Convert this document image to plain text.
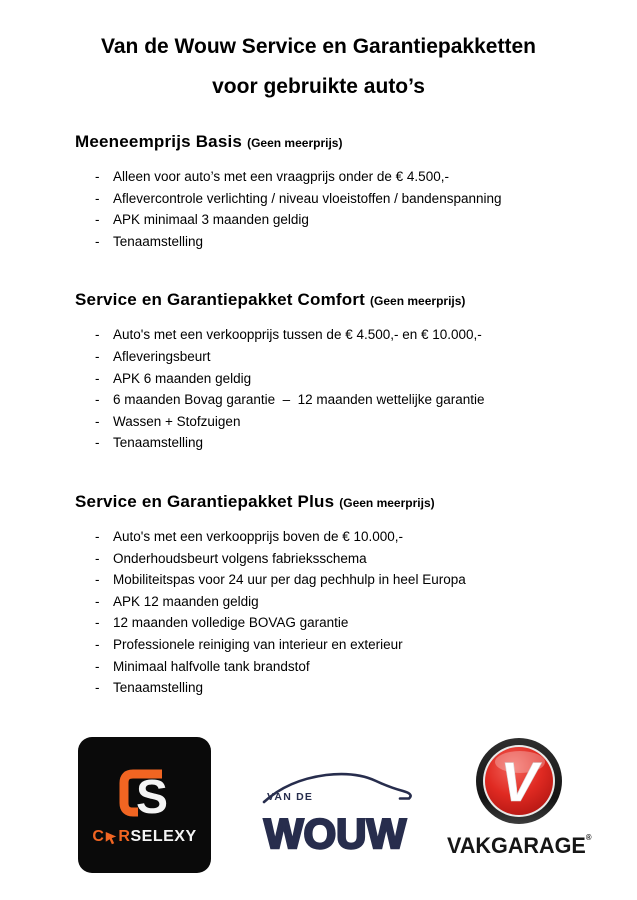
Van de Wouw Service en Garantiepakketten
voor gebruikte auto’s
Meeneemprijs Basis (Geen meerprijs)
-	Alleen voor auto’s met een vraagprijs onder de € 4.500,-
-	Aflevercontrole verlichting / niveau vloeistoffen / bandenspanning
-	APK minimaal 3 maanden geldig
-	Tenaamstelling
Service en Garantiepakket Comfort (Geen meerprijs)
-	Auto's met een verkoopprijs tussen de € 4.500,- en € 10.000,-
-	Afleveringsbeurt
-	APK 6 maanden geldig
-	6 maanden Bovag garantie  –  12 maanden wettelijke garantie
-	Wassen + Stofzuigen
-	Tenaamstelling
Service en Garantiepakket Plus (Geen meerprijs)
-	Auto's met een verkoopprijs boven de € 10.000,-
-	Onderhoudsbeurt volgens fabrieksschema
-	Mobiliteitspas voor 24 uur per dag pechhulp in heel Europa
-	APK 12 maanden geldig
-	12 maanden volledige BOVAG garantie
-	Professionele reiniging van interieur en exterieur
-	Minimaal halfvolle tank brandstof
-	Tenaamstelling
S
C R SELEXY
VAN DE
WOUW
V
VAKGARAGE®
